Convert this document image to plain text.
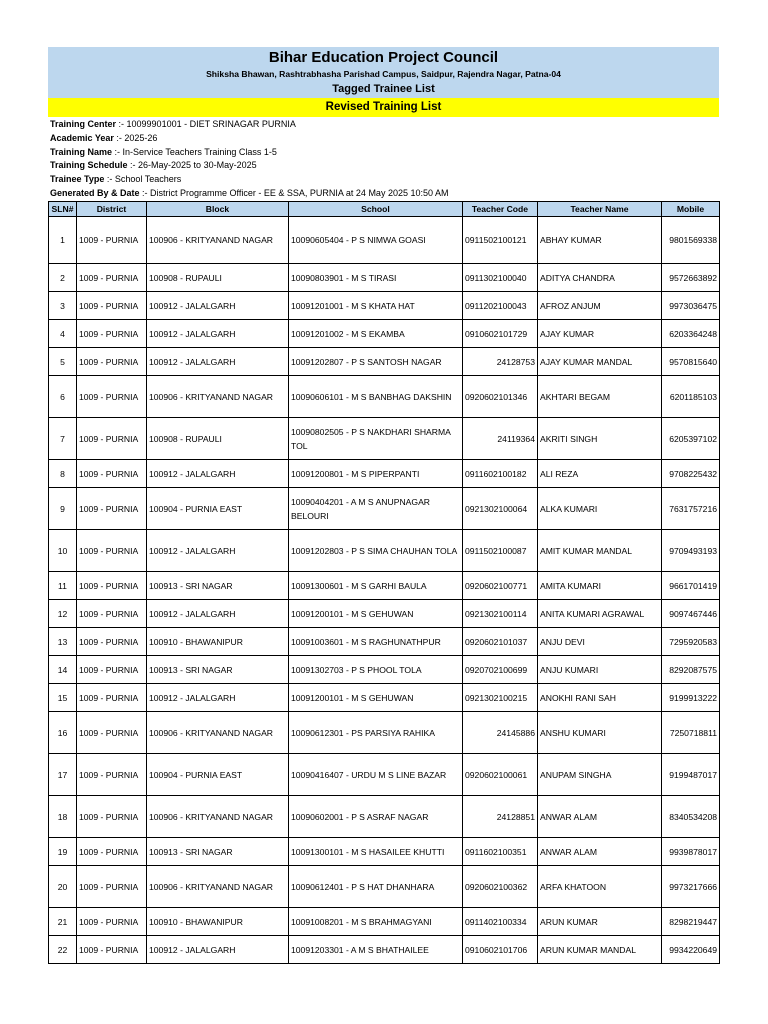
Bihar Education Project Council
Shiksha Bhawan, Rashtrabhasha Parishad Campus, Saidpur, Rajendra Nagar, Patna-04
Tagged Trainee List
Revised Training List
Training Center :- 10099901001 - DIET SRINAGAR PURNIA
Academic Year :- 2025-26
Training Name :- In-Service Teachers Training Class 1-5
Training Schedule :- 26-May-2025 to 30-May-2025
Trainee Type :- School Teachers
Generated By & Date :- District Programme Officer - EE & SSA, PURNIA at 24 May 2025 10:50 AM
SLN#	District	Block	School	Teacher Code	Teacher Name	Mobile
1	1009 - PURNIA	100906 - KRITYANAND NAGAR	10090605404 - P S NIMWA GOASI	0911502100121	ABHAY KUMAR	9801569338
2	1009 - PURNIA	100908 - RUPAULI	10090803901 - M S TIRASI	0911302100040	ADITYA CHANDRA	9572663892
3	1009 - PURNIA	100912 - JALALGARH	10091201001 - M S KHATA HAT	0911202100043	AFROZ ANJUM	9973036475
4	1009 - PURNIA	100912 - JALALGARH	10091201002 - M S EKAMBA	0910602101729	AJAY KUMAR	6203364248
5	1009 - PURNIA	100912 - JALALGARH	10091202807 - P S SANTOSH NAGAR	24128753	AJAY KUMAR MANDAL	9570815640
6	1009 - PURNIA	100906 - KRITYANAND NAGAR	10090606101 - M S BANBHAG DAKSHIN	0920602101346	AKHTARI BEGAM	6201185103
7	1009 - PURNIA	100908 - RUPAULI	10090802505 - P S NAKDHARI SHARMA TOL	24119364	AKRITI SINGH	6205397102
8	1009 - PURNIA	100912 - JALALGARH	10091200801 - M S PIPERPANTI	0911602100182	ALI REZA	9708225432
9	1009 - PURNIA	100904 - PURNIA EAST	10090404201 - A M S ANUPNAGAR BELOURI	0921302100064	ALKA KUMARI	7631757216
10	1009 - PURNIA	100912 - JALALGARH	10091202803 - P S SIMA CHAUHAN TOLA	0911502100087	AMIT KUMAR MANDAL	9709493193
11	1009 - PURNIA	100913 - SRI NAGAR	10091300601 - M S GARHI BAULA	0920602100771	AMITA KUMARI	9661701419
12	1009 - PURNIA	100912 - JALALGARH	10091200101 - M S GEHUWAN	0921302100114	ANITA KUMARI AGRAWAL	9097467446
13	1009 - PURNIA	100910 - BHAWANIPUR	10091003601 - M S RAGHUNATHPUR	0920602101037	ANJU DEVI	7295920583
14	1009 - PURNIA	100913 - SRI NAGAR	10091302703 - P S PHOOL TOLA	0920702100699	ANJU KUMARI	8292087575
15	1009 - PURNIA	100912 - JALALGARH	10091200101 - M S GEHUWAN	0921302100215	ANOKHI RANI SAH	9199913222
16	1009 - PURNIA	100906 - KRITYANAND NAGAR	10090612301 - PS PARSIYA RAHIKA	24145886	ANSHU KUMARI	7250718811
17	1009 - PURNIA	100904 - PURNIA EAST	10090416407 - URDU M S LINE BAZAR	0920602100061	ANUPAM SINGHA	9199487017
18	1009 - PURNIA	100906 - KRITYANAND NAGAR	10090602001 - P S ASRAF NAGAR	24128851	ANWAR ALAM	8340534208
19	1009 - PURNIA	100913 - SRI NAGAR	10091300101 - M S HASAILEE KHUTTI	0911602100351	ANWAR ALAM	9939878017
20	1009 - PURNIA	100906 - KRITYANAND NAGAR	10090612401 - P S HAT DHANHARA	0920602100362	ARFA KHATOON	9973217666
21	1009 - PURNIA	100910 - BHAWANIPUR	10091008201 - M S BRAHMAGYANI	0911402100334	ARUN KUMAR	8298219447
22	1009 - PURNIA	100912 - JALALGARH	10091203301 - A M S BHATHAILEE	0910602101706	ARUN KUMAR MANDAL	9934220649
